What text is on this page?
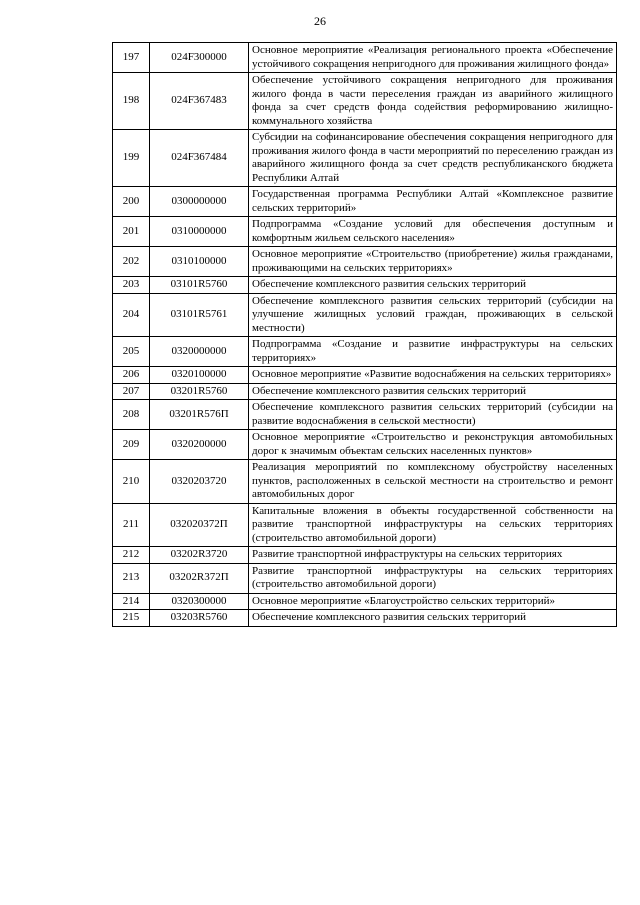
26
197	024F300000	Основное мероприятие «Реализация регионального проекта «Обеспечение устойчивого сокращения непригодного для проживания жилищного фонда»
198	024F367483	Обеспечение устойчивого сокращения непригодного для проживания жилого фонда в части переселения граждан из аварийного жилищного фонда за счет средств фонда содействия реформированию жилищно-коммунального хозяйства
199	024F367484	Субсидии на софинансирование обеспечения сокращения непригодного для проживания жилого фонда в части мероприятий по переселению граждан из аварийного жилищного фонда за счет средств республиканского бюджета Республики Алтай
200	0300000000	Государственная программа Республики Алтай «Комплексное развитие сельских территорий»
201	0310000000	Подпрограмма «Создание условий для обеспечения доступным и комфортным жильем сельского населения»
202	0310100000	Основное мероприятие «Строительство (приобретение) жилья гражданами, проживающими на сельских территориях»
203	03101R5760	Обеспечение комплексного развития сельских территорий
204	03101R5761	Обеспечение комплексного развития сельских территорий (субсидии на улучшение жилищных условий граждан, проживающих в сельской местности)
205	0320000000	Подпрограмма «Создание и развитие инфраструктуры на сельских территориях»
206	0320100000	Основное мероприятие «Развитие водоснабжения на сельских территориях»
207	03201R5760	Обеспечение комплексного развития сельских территорий
208	03201R576П	Обеспечение комплексного развития сельских территорий (субсидии на развитие водоснабжения в сельской местности)
209	0320200000	Основное мероприятие «Строительство и реконструкция автомобильных дорог к значимым объектам сельских населенных пунктов»
210	0320203720	Реализация мероприятий по комплексному обустройству населенных пунктов, расположенных в сельской местности на строительство и ремонт автомобильных дорог
211	032020372П	Капитальные вложения в объекты государственной собственности на развитие транспортной инфраструктуры на сельских территориях (строительство автомобильной дороги)
212	03202R3720	Развитие транспортной инфраструктуры на сельских территориях
213	03202R372П	Развитие транспортной инфраструктуры на сельских территориях (строительство автомобильной дороги)
214	0320300000	Основное мероприятие «Благоустройство сельских территорий»
215	03203R5760	Обеспечение комплексного развития сельских территорий
